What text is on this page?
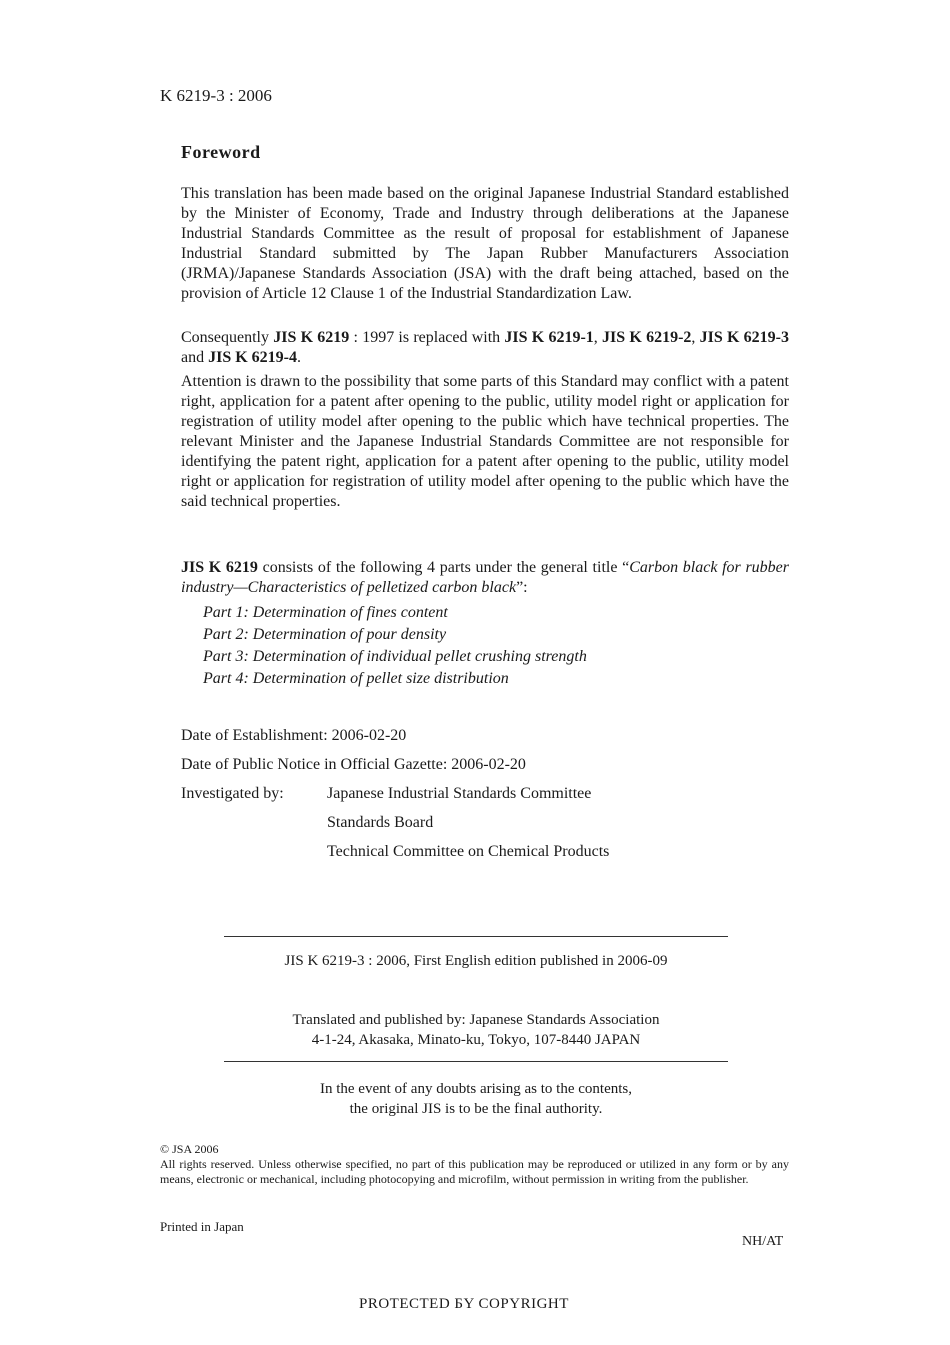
K 6219-3 : 2006
Foreword
This translation has been made based on the original Japanese Industrial Standard established by the Minister of Economy, Trade and Industry through deliberations at the Japanese Industrial Standards Committee as the result of proposal for establishment of Japanese Industrial Standard submitted by The Japan Rubber Manufacturers Association (JRMA)/Japanese Standards Association (JSA) with the draft being attached, based on the provision of Article 12 Clause 1 of the Industrial Standardization Law.
Consequently JIS K 6219 : 1997 is replaced with JIS K 6219-1, JIS K 6219-2, JIS K 6219-3 and JIS K 6219-4.
Attention is drawn to the possibility that some parts of this Standard may conflict with a patent right, application for a patent after opening to the public, utility model right or application for registration of utility model after opening to the public which have technical properties. The relevant Minister and the Japanese Industrial Standards Committee are not responsible for identifying the patent right, application for a patent after opening to the public, utility model right or application for registration of utility model after opening to the public which have the said technical properties.
JIS K 6219 consists of the following 4 parts under the general title “Carbon black for rubber industry—Characteristics of pelletized carbon black”:
Part 1: Determination of fines content
Part 2: Determination of pour density
Part 3: Determination of individual pellet crushing strength
Part 4: Determination of pellet size distribution
Date of Establishment: 2006-02-20
Date of Public Notice in Official Gazette: 2006-02-20
Investigated by:	Japanese Industrial Standards Committee
Standards Board
Technical Committee on Chemical Products
JIS K 6219-3 : 2006, First English edition published in 2006-09
Translated and published by: Japanese Standards Association
4-1-24, Akasaka, Minato-ku, Tokyo, 107-8440 JAPAN
In the event of any doubts arising as to the contents,
the original JIS is to be the final authority.
© JSA 2006
All rights reserved. Unless otherwise specified, no part of this publication may be reproduced or utilized in any form or by any means, electronic or mechanical, including photocopying and microfilm, without permission in writing from the publisher.
Printed in Japan
NH/AT
PROTECTED БY COPYRIGHT
